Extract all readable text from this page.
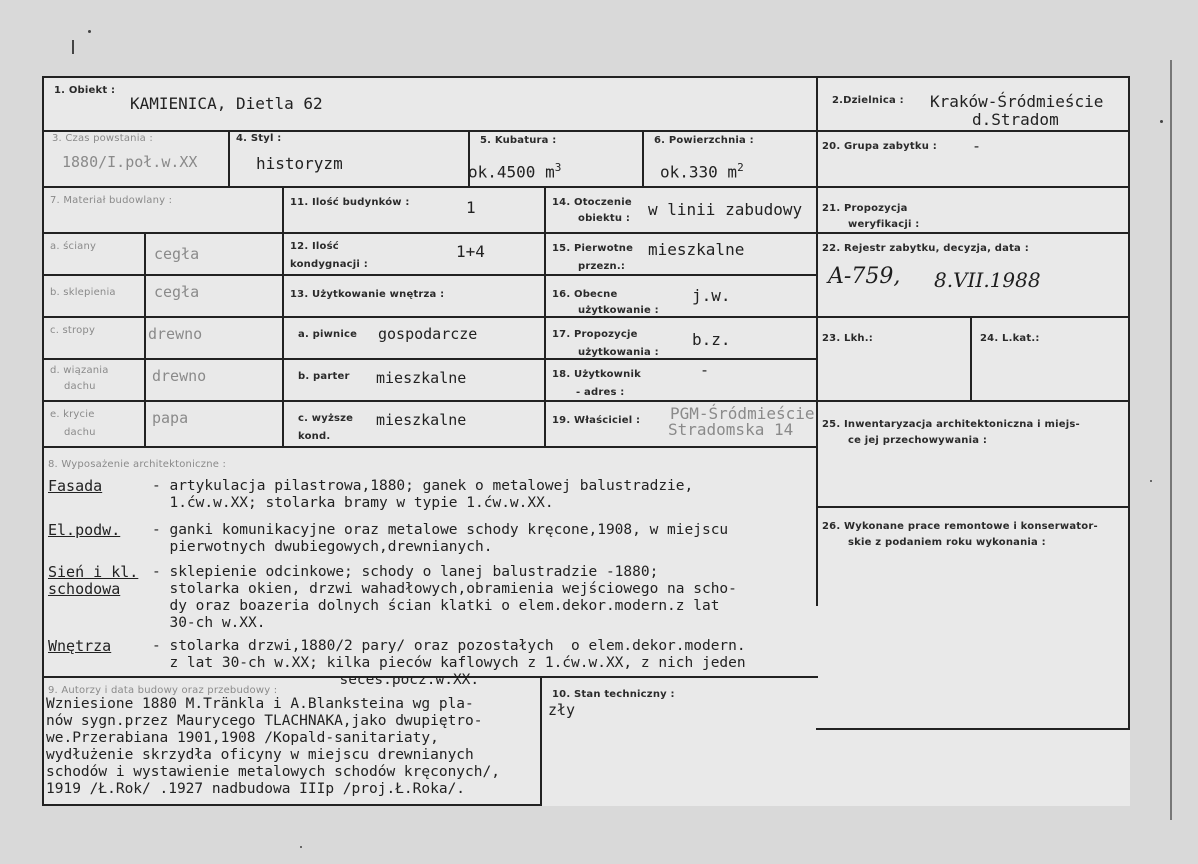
1. Obiekt :
KAMIENICA, Dietla 62	2.Dzielnica : Kraków-Śródmieście
d.Stradom
3. Czas powstania :
1880/I.poł.w.XX
4. Styl :
historyzm
5. Kubatura :
ok.4500 $m^3$
6. Powierzchnia :
ok.330 $m^2$
20. Grupa zabytku : -
7. Materiał budowlany :
a. ściany	cegła
b. sklepienia	cegła
c. stropy	drewno
d. wiązania
dachu
drewno
e. krycie
dachu
papa
11. Ilość budynków :	1
12. Ilość
kondygnacji :
1+4
13. Użytkowanie wnętrza :
a. piwnice gospodarcze
b. parter mieszkalne
c. wyższe
kond.
mieszkalne
14. Otoczenie
obiektu : w linii zabudowy
15. Pierwotne
przezn.:
mieszkalne
16. Obecne
użytkowanie :
j.w.
17. Propozycje
użytkowania :
b.z.
18. Użytkownik
- adres :
-
19. Właściciel : PGM-Śródmieście
Stradomska 14
21. Propozycja
weryfikacji :
22. Rejestr zabytku, decyzja, data :
A-759, 8.VII.1988
23. Lkh.:	24. L.kat.:
25. Inwentaryzacja architektoniczna i miejs-
ce jej przechowywania :
26. Wykonane prace remontowe i konserwator-
skie z podaniem roku wykonania :
8. Wyposażenie architektoniczne :
Fasada	- artykulacja pilastrowa,1880; ganek o metalowej balustradzie,
1.ćw.w.XX; stolarka bramy w typie 1.ćw.w.XX.
El.podw. - ganki komunikacyjne oraz metalowe schody kręcone,1908, w miejscu
pierwotnych dwubiegowych,drewnianych.
Sień i kl.
schodowa
- sklepienie odcinkowe; schody o lanej balustradzie -1880;
stolarka okien, drzwi wahadłowych,obramienia wejściowego na scho-
dy oraz boazeria dolnych ścian klatki o elem.dekor.modern.z lat
30-ch w.XX.
Wnętrza	- stolarka drzwi,1880/2 pary/ oraz pozostałych  o elem.dekor.modern.
z lat 30-ch w.XX; kilka pieców kaflowych z 1.ćw.w.XX, z nich jeden
seces.pocz.w.XX.
9. Autorzy i data budowy oraz przebudowy :
Wzniesione 1880 M.Tränkla i A.Blanksteina wg pla-
nów sygn.przez Maurycego TLACHNAKA,jako dwupiętro-
we.Przerabiana 1901,1908 /Kopald-sanitariaty,
wydłużenie skrzydła oficyny w miejscu drewnianych
schodów i wystawienie metalowych schodów kręconych/,
1919 /Ł.Rok/ .1927 nadbudowa IIIp /proj.Ł.Roka/.
10. Stan techniczny :
zły
